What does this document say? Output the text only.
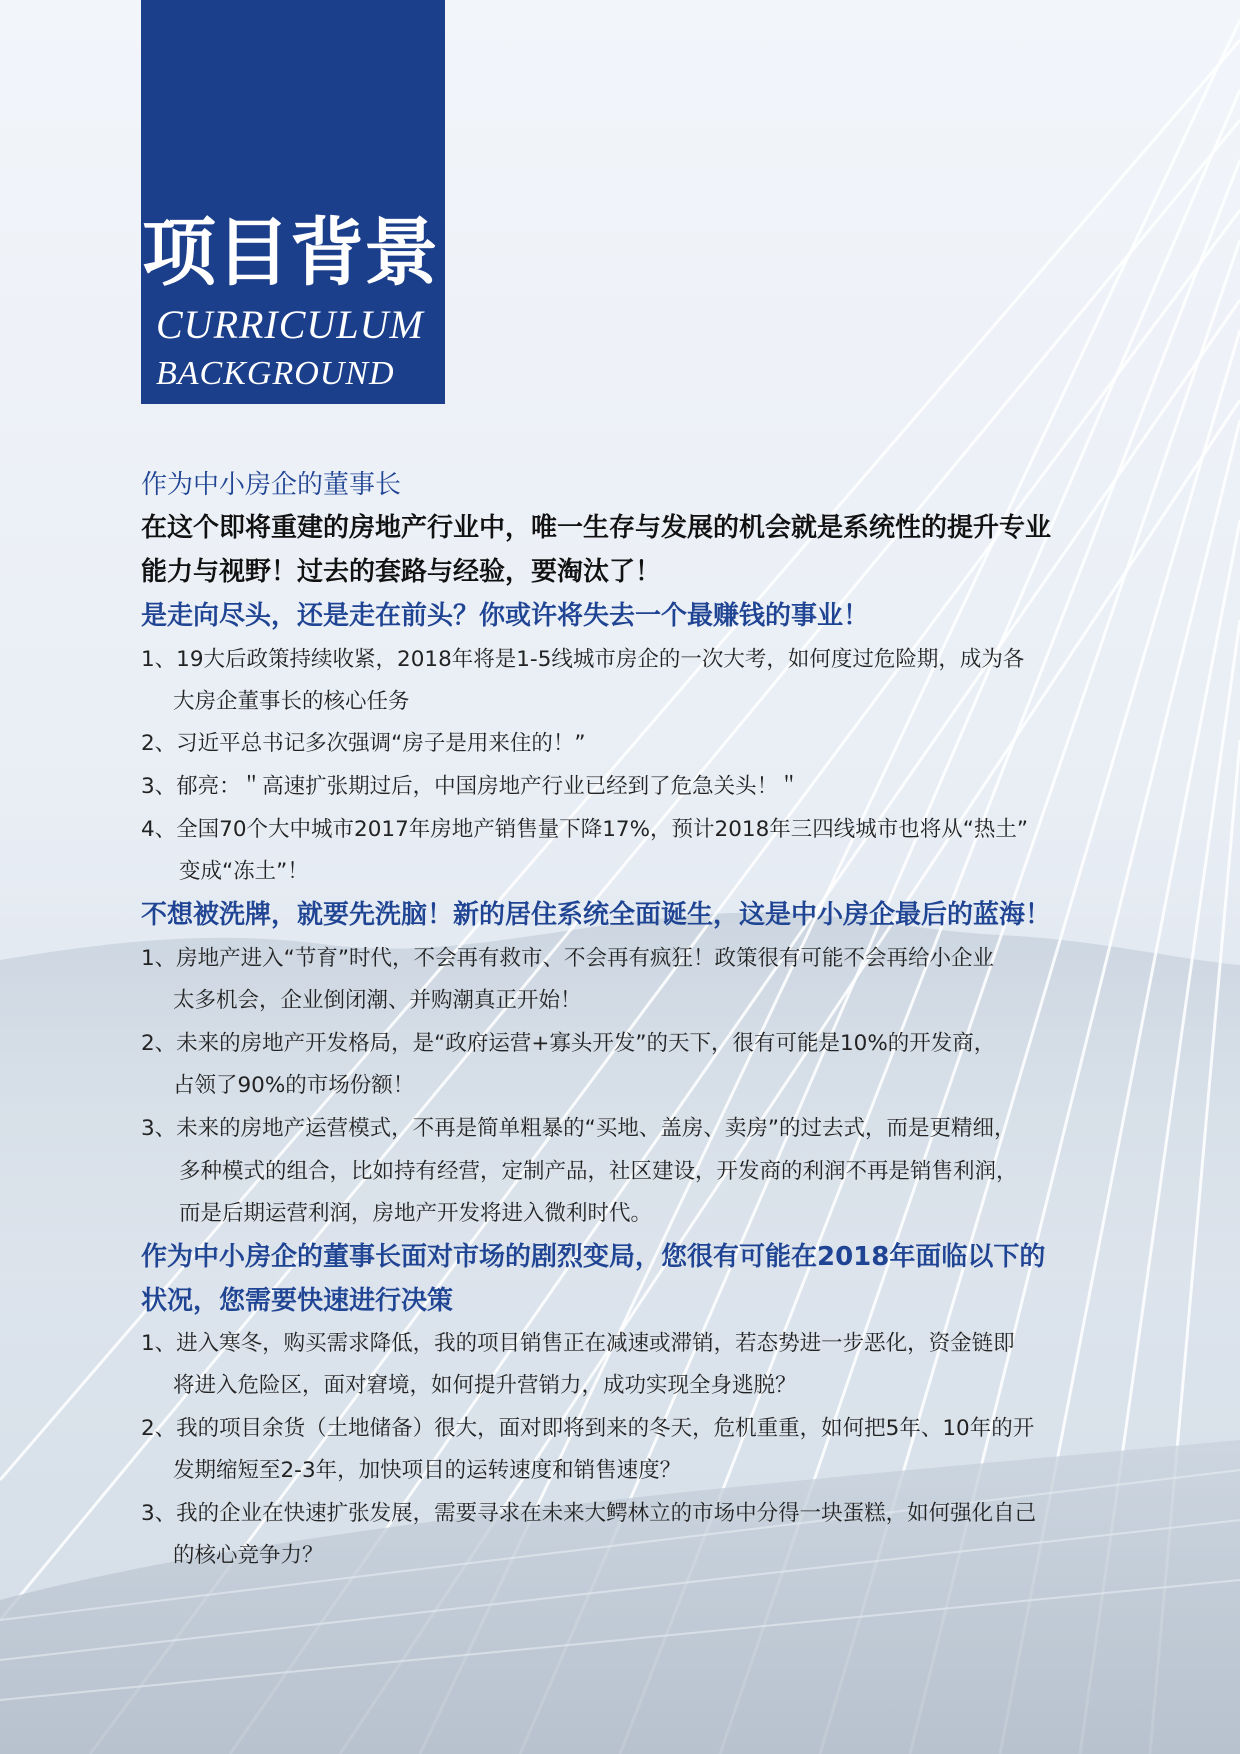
项目背景
CURRICULUM
BACKGROUND
作为中小房企的董事长
在这个即将重建的房地产行业中，唯一生存与发展的机会就是系统性的提升专业
能力与视野！过去的套路与经验，要淘汰了！
是走向尽头，还是走在前头？你或许将失去一个最赚钱的事业！
1、19大后政策持续收紧，2018年将是1-5线城市房企的一次大考，如何度过危险期，成为各
大房企董事长的核心任务
2、习近平总书记多次强调“房子是用来住的！”
3、郁亮：＂高速扩张期过后，中国房地产行业已经到了危急关头！＂
4、全国70个大中城市2017年房地产销售量下降17%，预计2018年三四线城市也将从“热土”
变成“冻土”！
不想被洗牌，就要先洗脑！新的居住系统全面诞生，这是中小房企最后的蓝海！
1、房地产进入“节育”时代，不会再有救市、不会再有疯狂！政策很有可能不会再给小企业
太多机会，企业倒闭潮、并购潮真正开始！
2、未来的房地产开发格局，是“政府运营+寡头开发”的天下，很有可能是10%的开发商，
占领了90%的市场份额！
3、未来的房地产运营模式，不再是简单粗暴的“买地、盖房、卖房”的过去式，而是更精细，
多种模式的组合，比如持有经营，定制产品，社区建设，开发商的利润不再是销售利润，
而是后期运营利润，房地产开发将进入微利时代。
作为中小房企的董事长面对市场的剧烈变局，您很有可能在2018年面临以下的
状况，您需要快速进行决策
1、进入寒冬，购买需求降低，我的项目销售正在减速或滞销，若态势进一步恶化，资金链即
将进入危险区，面对窘境，如何提升营销力，成功实现全身逃脱？
2、我的项目余货（土地储备）很大，面对即将到来的冬天，危机重重，如何把5年、10年的开
发期缩短至2-3年，加快项目的运转速度和销售速度？
3、我的企业在快速扩张发展，需要寻求在未来大鳄林立的市场中分得一块蛋糕，如何强化自己
的核心竞争力？
